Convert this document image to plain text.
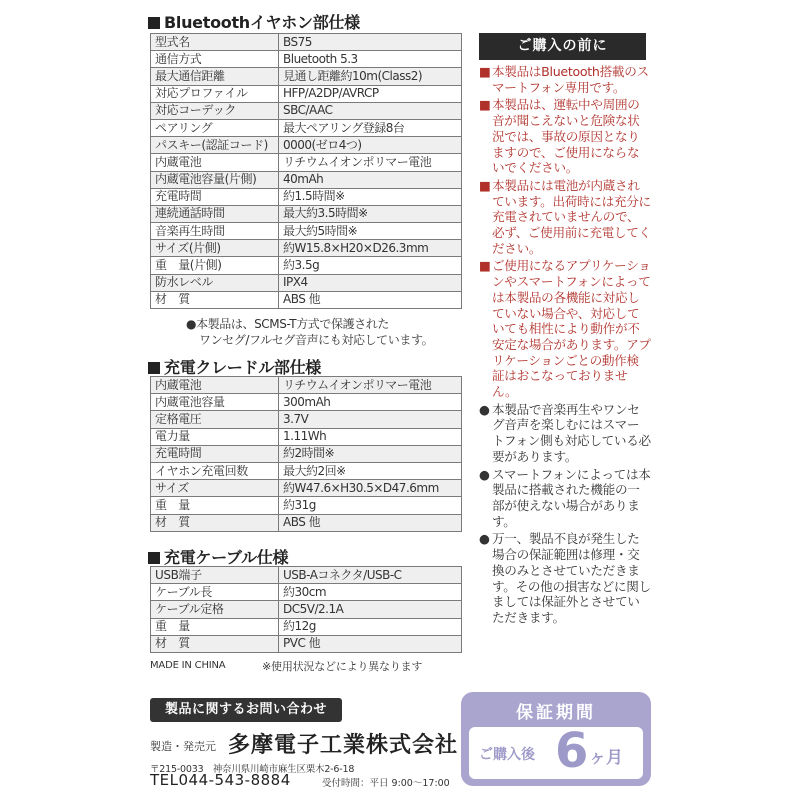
Bluetoothイヤホン部仕様
型式名	BS75
通信方式	Bluetooth 5.3
最大通信距離	見通し距離約10m(Class2)
対応プロファイル	HFP/A2DP/AVRCP
対応コーデック	SBC/AAC
ペアリング	最大ペアリング登録8台
パスキー(認証コード)	0000(ゼロ4つ)
内蔵電池	リチウムイオンポリマー電池
内蔵電池容量(片側)	40mAh
充電時間	約1.5時間※
連続通話時間	最大約3.5時間※
音楽再生時間	最大約5時間※
サイズ(片側)	約W15.8×H20×D26.3mm
重　量(片側)	約3.5g
防水レベル	IPX4
材　質	ABS 他
●本製品は、SCMS-T方式で保護された
ワンセグ/フルセグ音声にも対応しています。
充電クレードル部仕様
内蔵電池	リチウムイオンポリマー電池
内蔵電池容量	300mAh
定格電圧	3.7V
電力量	1.11Wh
充電時間	約2時間※
イヤホン充電回数	最大約2回※
サイズ	約W47.6×H30.5×D47.6mm
重　量	約31g
材　質	ABS 他
充電ケーブル仕様
USB端子	USB-Aコネクタ/USB-C
ケーブル長	約30cm
ケーブル定格	DC5V/2.1A
重　量	約12g
材　質	PVC 他
MADE IN CHINA	※使用状況などにより異なります
ご購入の前に
■ 本製品はBluetooth搭載のスマートフォン専用です。
■ 本製品は、運転中や周囲の音が聞こえないと危険な状況では、事故の原因となりますので、ご使用にならないでください。
■ 本製品には電池が内蔵されています。出荷時には充分に充電されていませんので、必ず、ご使用前に充電してください。
■ ご使用になるアプリケーションやスマートフォンによっては本製品の各機能に対応していない場合や、対応していても相性により動作が不安定な場合があります。アプリケーションごとの動作検証はおこなっておりません。
● 本製品で音楽再生やワンセグ音声を楽しむにはスマートフォン側も対応している必要があります。
● スマートフォンによっては本製品に搭載された機能の一部が使えない場合があります。
● 万一、製品不良が発生した場合の保証範囲は修理・交換のみとさせていただきます。その他の損害などに関しましては保証外とさせていただきます。
製品に関するお問い合わせ
製造・発売元 多摩電子工業株式会社
〒215-0033　神奈川県川崎市麻生区栗木2-6-18
TEL044-543-8884	受付時間：平日 9:00～17:00
保証期間
ご購入後 6 ヶ月
